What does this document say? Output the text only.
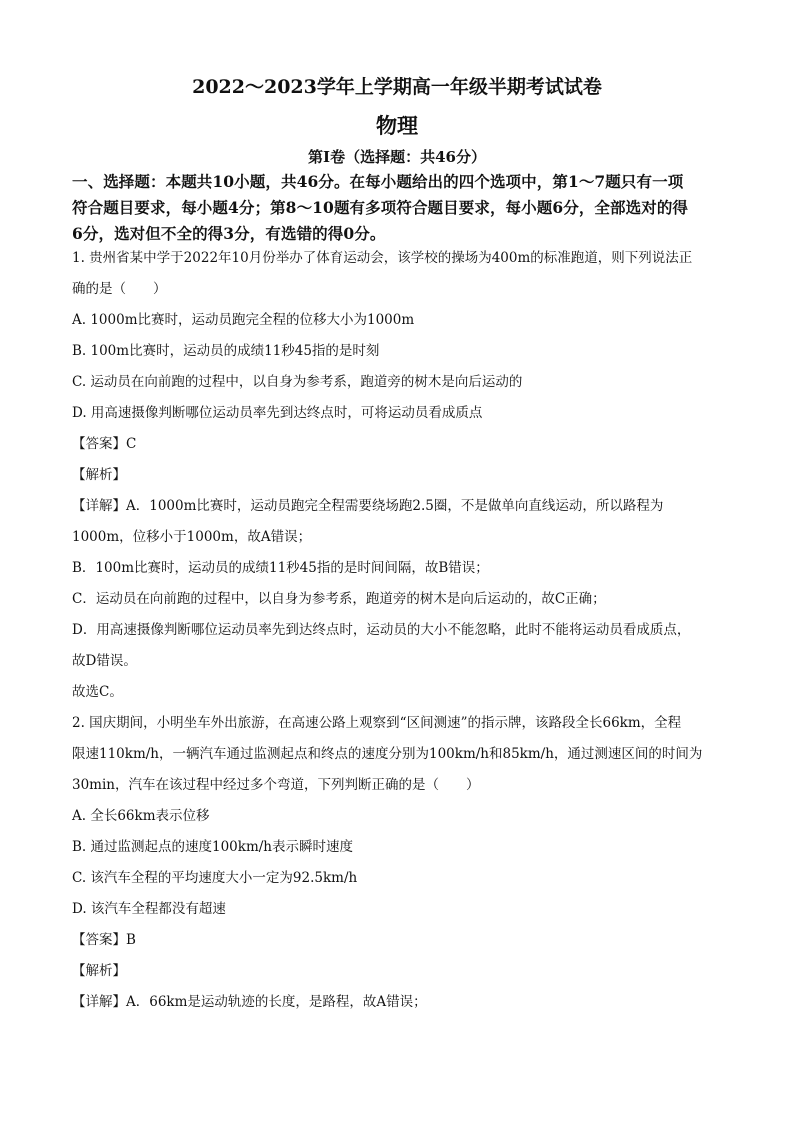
2022～2023学年上学期高一年级半期考试试卷
物理
第Ⅰ卷（选择题：共46分）
一、选择题：本题共10小题，共46分。在每小题给出的四个选项中，第1～7题只有一项
符合题目要求，每小题4分；第8～10题有多项符合题目要求，每小题6分，全部选对的得
6分，选对但不全的得3分，有选错的得0分。
1. 贵州省某中学于2022年10月份举办了体育运动会，该学校的操场为400m的标准跑道，则下列说法正
确的是（　　）
A. 1000m比赛时，运动员跑完全程的位移大小为1000m
B. 100m比赛时，运动员的成绩11秒45指的是时刻
C. 运动员在向前跑的过程中，以自身为参考系，跑道旁的树木是向后运动的
D. 用高速摄像判断哪位运动员率先到达终点时，可将运动员看成质点
【答案】C
【解析】
【详解】A．1000m比赛时，运动员跑完全程需要绕场跑2.5圈，不是做单向直线运动，所以路程为
1000m，位移小于1000m，故A错误；
B．100m比赛时，运动员的成绩11秒45指的是时间间隔，故B错误；
C．运动员在向前跑的过程中，以自身为参考系，跑道旁的树木是向后运动的，故C正确；
D．用高速摄像判断哪位运动员率先到达终点时，运动员的大小不能忽略，此时不能将运动员看成质点，
故D错误。
故选C。
2. 国庆期间，小明坐车外出旅游，在高速公路上观察到“区间测速”的指示牌，该路段全长66km，全程
限速110km/h，一辆汽车通过监测起点和终点的速度分别为100km/h和85km/h，通过测速区间的时间为
30min，汽车在该过程中经过多个弯道，下列判断正确的是（　　）
A. 全长66km表示位移
B. 通过监测起点的速度100km/h表示瞬时速度
C. 该汽车全程的平均速度大小一定为92.5km/h
D. 该汽车全程都没有超速
【答案】B
【解析】
【详解】A．66km是运动轨迹的长度，是路程，故A错误；
